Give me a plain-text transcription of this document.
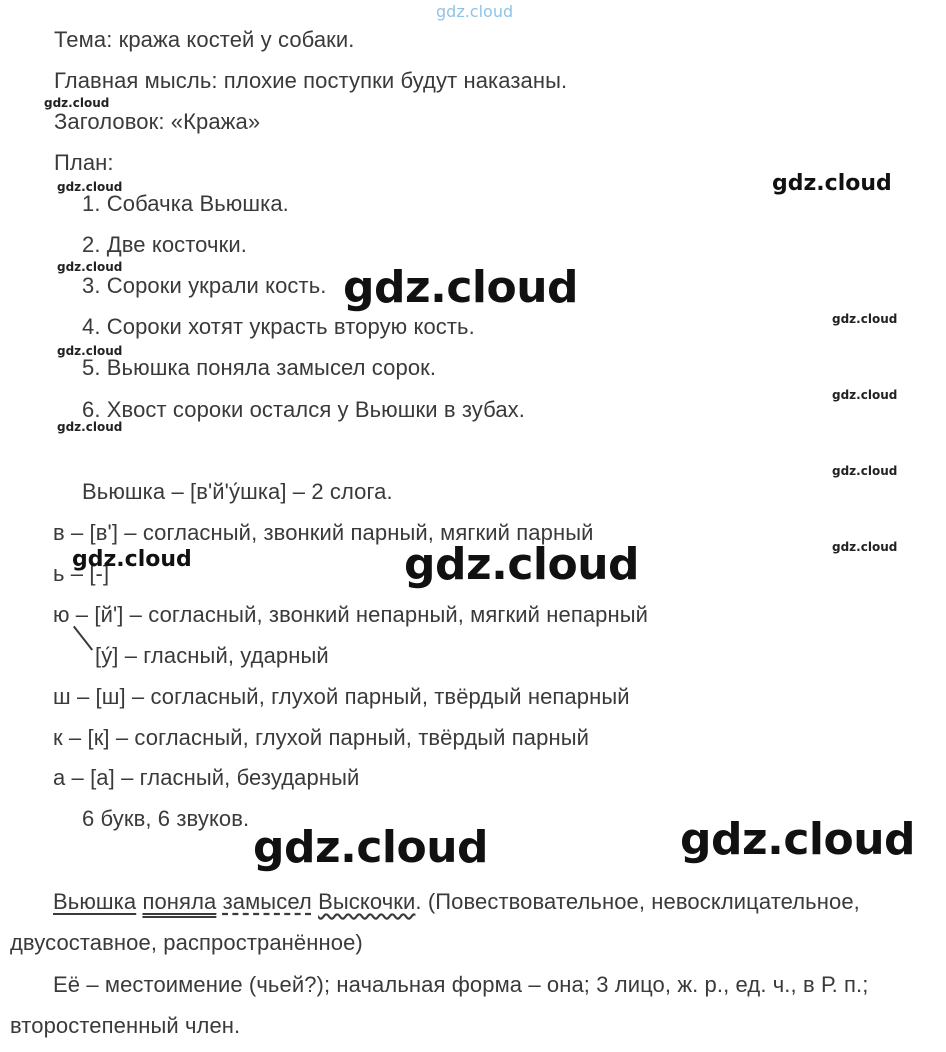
gdz.cloud
Тема: кража костей у собаки.
Главная мысль: плохие поступки будут наказаны.
gdz.cloud
Заголовок: «Кража»
План:
gdz.cloud
1. Собачка Вьюшка.
2. Две косточки.
gdz.cloud
3. Сороки украли кость.
4. Сороки хотят украсть вторую кость.
gdz.cloud
5. Вьюшка поняла замысел сорок.
6. Хвост сороки остался у Вьюшки в зубах.
gdz.cloud
gdz.cloud
gdz.cloud
gdz.cloud
gdz.cloud
gdz.cloud
Вьюшка – [в'й'у́шка] – 2 слога.
в – [в'] – согласный, звонкий парный, мягкий парный
ь – [-]
ю – [й'] – согласный, звонкий непарный, мягкий непарный
[у́] – гласный, ударный
ш – [ш] – согласный, глухой парный, твёрдый непарный
к – [к] – согласный, глухой парный, твёрдый парный
а – [а] – гласный, безударный
6 букв, 6 звуков.
gdz.cloud
gdz.cloud
gdz.cloud
gdz.cloud	gdz.cloud
Вьюшка поняла замысел Выскочки. (Повествовательное, невосклицательное,
двусоставное, распространённое)
Её – местоимение (чьей?); начальная форма – она; 3 лицо, ж. р., ед. ч., в Р. п.;
второстепенный член.
